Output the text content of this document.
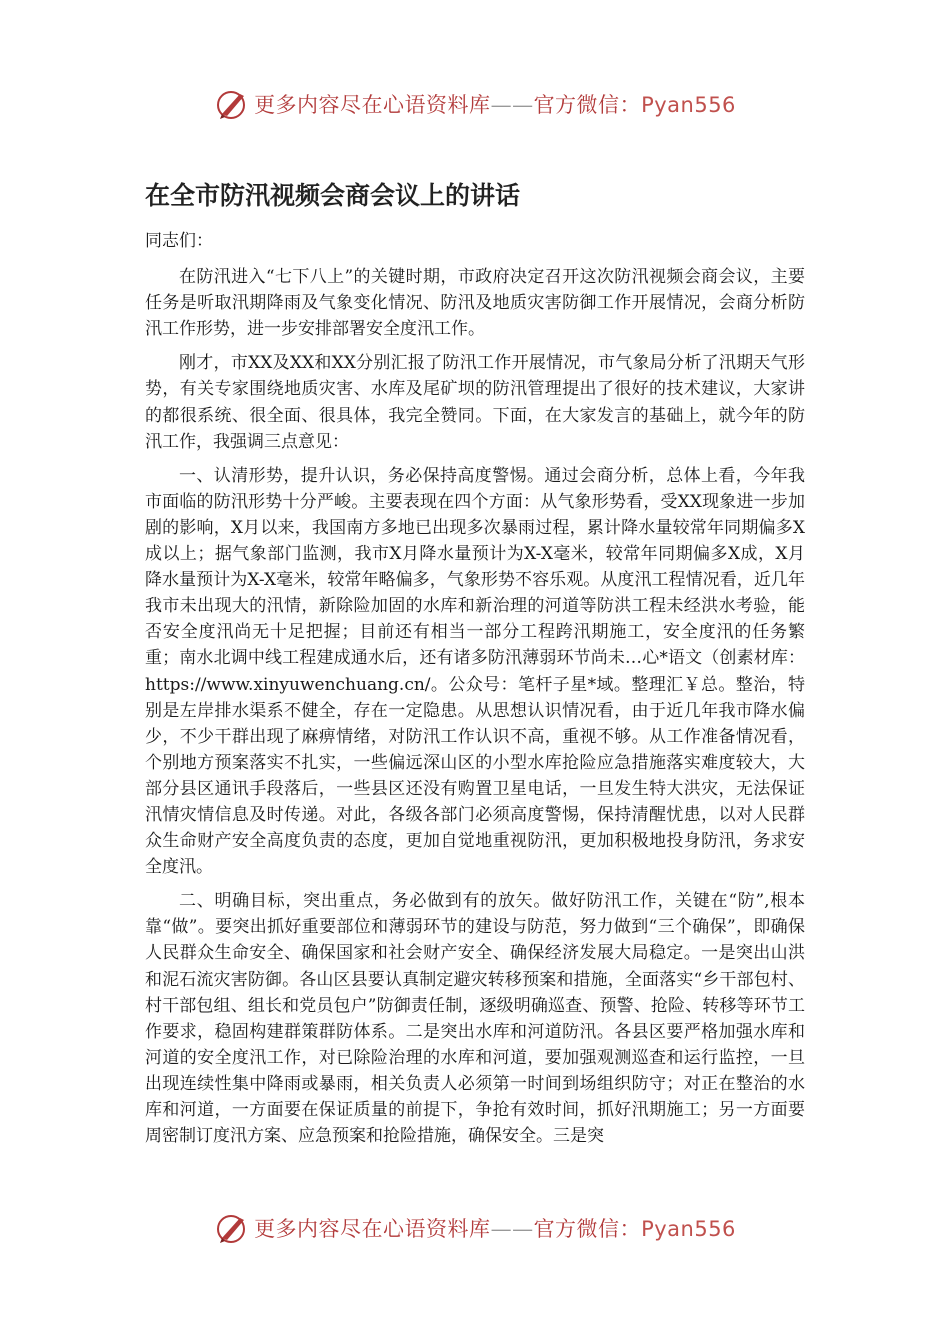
更多内容尽在心语资料库——官方微信：Pyan556
在全市防汛视频会商会议上的讲话

同志们：

在防汛进入“七下八上”的关键时期，市政府决定召开这次防汛视频会商会议，主要任务是听取汛期降雨及气象变化情况、防汛及地质灾害防御工作开展情况，会商分析防汛工作形势，进一步安排部署安全度汛工作。

刚才，市XX及XX和XX分别汇报了防汛工作开展情况，市气象局分析了汛期天气形势，有关专家围绕地质灾害、水库及尾矿坝的防汛管理提出了很好的技术建议，大家讲的都很系统、很全面、很具体，我完全赞同。下面，在大家发言的基础上，就今年的防汛工作，我强调三点意见：

一、认清形势，提升认识，务必保持高度警惕。通过会商分析，总体上看，今年我市面临的防汛形势十分严峻。主要表现在四个方面：从气象形势看，受XX现象进一步加剧的影响，X月以来，我国南方多地已出现多次暴雨过程，累计降水量较常年同期偏多X成以上；据气象部门监测，我市X月降水量预计为X-X毫米，较常年同期偏多X成，X月降水量预计为X-X毫米，较常年略偏多，气象形势不容乐观。从度汛工程情况看，近几年我市未出现大的汛情，新除险加固的水库和新治理的河道等防洪工程未经洪水考验，能否安全度汛尚无十足把握；目前还有相当一部分工程跨汛期施工，安全度汛的任务繁重；南水北调中线工程建成通水后，还有诸多防汛薄弱环节尚未…心*语文（创素材库：https://www.xinyuwenchuang.cn/。公众号：笔杆子星*域。整理汇￥总。整治，特别是左岸排水渠系不健全，存在一定隐患。从思想认识情况看，由于近几年我市降水偏少，不少干群出现了麻痹情绪，对防汛工作认识不高，重视不够。从工作准备情况看，个别地方预案落实不扎实，一些偏远深山区的小型水库抢险应急措施落实难度较大，大部分县区通讯手段落后，一些县区还没有购置卫星电话，一旦发生特大洪灾，无法保证汛情灾情信息及时传递。对此，各级各部门必须高度警惕，保持清醒忧患，以对人民群众生命财产安全高度负责的态度，更加自觉地重视防汛，更加积极地投身防汛，务求安全度汛。

二、明确目标，突出重点，务必做到有的放矢。做好防汛工作，关键在“防”,根本靠“做”。要突出抓好重要部位和薄弱环节的建设与防范，努力做到“三个确保”，即确保人民群众生命安全、确保国家和社会财产安全、确保经济发展大局稳定。一是突出山洪和泥石流灾害防御。各山区县要认真制定避灾转移预案和措施，全面落实“乡干部包村、村干部包组、组长和党员包户”防御责任制，逐级明确巡查、预警、抢险、转移等环节工作要求，稳固构建群策群防体系。二是突出水库和河道防汛。各县区要严格加强水库和河道的安全度汛工作，对已除险治理的水库和河道，要加强观测巡查和运行监控，一旦出现连续性集中降雨或暴雨，相关负责人必须第一时间到场组织防守；对正在整治的水库和河道，一方面要在保证质量的前提下，争抢有效时间，抓好汛期施工；另一方面要周密制订度汛方案、应急预案和抢险措施，确保安全。三是突

更多内容尽在心语资料库——官方微信：Pyan556
